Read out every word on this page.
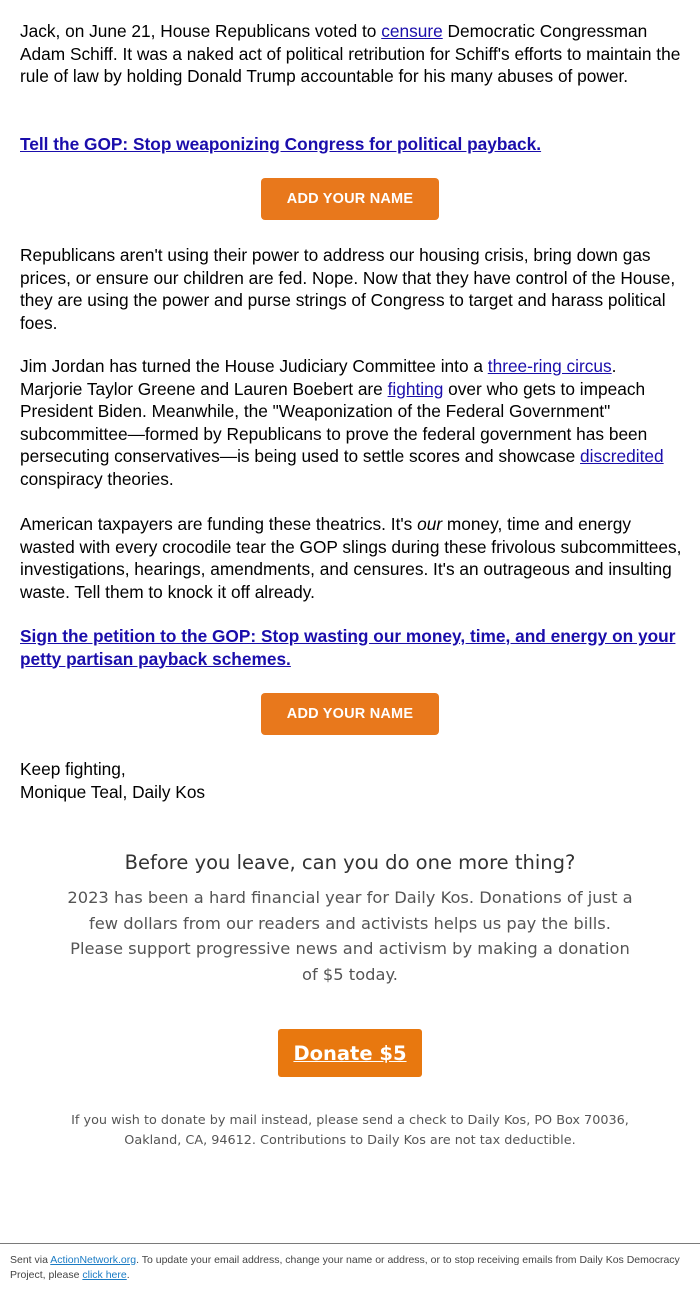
Jack, on June 21, House Republicans voted to censure Democratic Congressman Adam Schiff. It was a naked act of political retribution for Schiff's efforts to maintain the rule of law by holding Donald Trump accountable for his many abuses of power.

Tell the GOP: Stop weaponizing Congress for political payback.

ADD YOUR NAME

Republicans aren't using their power to address our housing crisis, bring down gas prices, or ensure our children are fed. Nope. Now that they have control of the House, they are using the power and purse strings of Congress to target and harass political foes.

Jim Jordan has turned the House Judiciary Committee into a three-ring circus. Marjorie Taylor Greene and Lauren Boebert are fighting over who gets to impeach President Biden. Meanwhile, the "Weaponization of the Federal Government" subcommittee—formed by Republicans to prove the federal government has been persecuting conservatives—is being used to settle scores and showcase discredited conspiracy theories.

American taxpayers are funding these theatrics. It's our money, time and energy wasted with every crocodile tear the GOP slings during these frivolous subcommittees, investigations, hearings, amendments, and censures. It's an outrageous and insulting waste. Tell them to knock it off already.

Sign the petition to the GOP: Stop wasting our money, time, and energy on your petty partisan payback schemes.

ADD YOUR NAME

Keep fighting,
Monique Teal, Daily Kos

Before you leave, can you do one more thing?

2023 has been a hard financial year for Daily Kos. Donations of just a few dollars from our readers and activists helps us pay the bills. Please support progressive news and activism by making a donation of $5 today.

Donate $5

If you wish to donate by mail instead, please send a check to Daily Kos, PO Box 70036, Oakland, CA, 94612. Contributions to Daily Kos are not tax deductible.

Sent via ActionNetwork.org. To update your email address, change your name or address, or to stop receiving emails from Daily Kos Democracy Project, please click here.
